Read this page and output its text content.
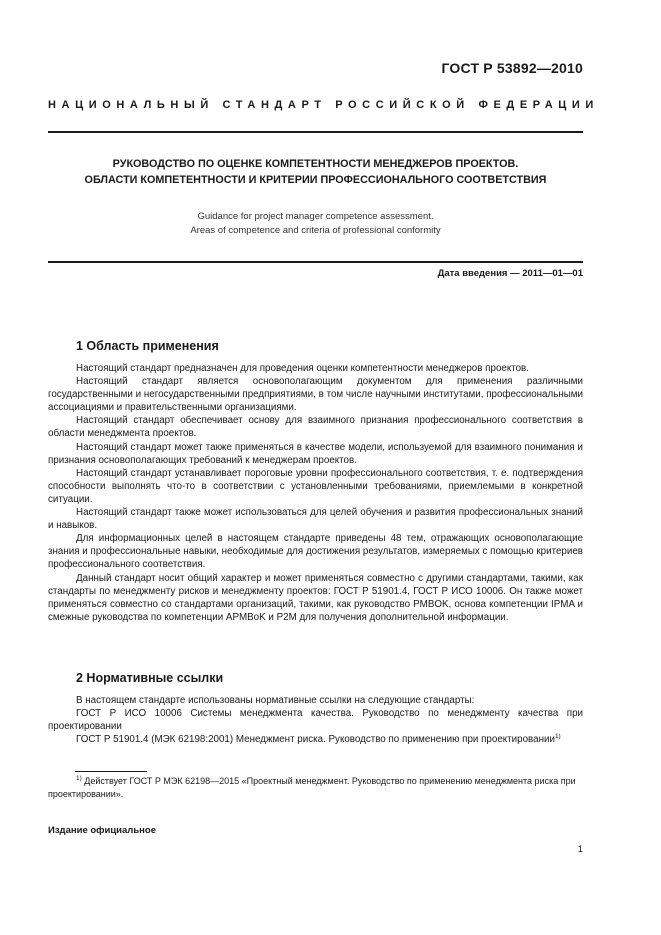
ГОСТ Р 53892—2010
НАЦИОНАЛЬНЫЙ СТАНДАРТ РОССИЙСКОЙ ФЕДЕРАЦИИ
РУКОВОДСТВО ПО ОЦЕНКЕ КОМПЕТЕНТНОСТИ МЕНЕДЖЕРОВ ПРОЕКТОВ.
ОБЛАСТИ КОМПЕТЕНТНОСТИ И КРИТЕРИИ ПРОФЕССИОНАЛЬНОГО СООТВЕТСТВИЯ
Guidance for project manager competence assessment.
Areas of competence and criteria of professional conformity
Дата введения — 2011—01—01
1 Область применения

Настоящий стандарт предназначен для проведения оценки компетентности менеджеров проектов.

Настоящий стандарт является основополагающим документом для применения различными государственными и негосударственными предприятиями, в том числе научными институтами, профессиональными ассоциациями и правительственными организациями.

Настоящий стандарт обеспечивает основу для взаимного признания профессионального соответствия в области менеджмента проектов.

Настоящий стандарт может также применяться в качестве модели, используемой для взаимного понимания и признания основополагающих требований к менеджерам проектов.

Настоящий стандарт устанавливает пороговые уровни профессионального соответствия, т. е. подтверждения способности выполнять что-то в соответствии с установленными требованиями, приемлемыми в конкретной ситуации.

Настоящий стандарт также может использоваться для целей обучения и развития профессиональных знаний и навыков.

Для информационных целей в настоящем стандарте приведены 48 тем, отражающих основополагающие знания и профессиональные навыки, необходимые для достижения результатов, измеряемых с помощью критериев профессионального соответствия.

Данный стандарт носит общий характер и может применяться совместно с другими стандартами, такими, как стандарты по менеджменту рисков и менеджменту проектов: ГОСТ Р 51901.4, ГОСТ Р ИСО 10006. Он также может применяться совместно со стандартами организаций, такими, как руководство PMBOK, основа компетенции IPMA и смежные руководства по компетенции APMBoK и P2M для получения дополнительной информации.

2 Нормативные ссылки

В настоящем стандарте использованы нормативные ссылки на следующие стандарты:

ГОСТ Р ИСО 10006 Системы менеджмента качества. Руководство по менеджменту качества при проектировании

ГОСТ Р 51901.4 (МЭК 62198:2001) Менеджмент риска. Руководство по применению при проектировании$^{1)}$

$^{1)}$ Действует ГОСТ Р МЭК 62198—2015 «Проектный менеджмент. Руководство по применению менеджмента риска при проектировании».
Издание официальное
1
